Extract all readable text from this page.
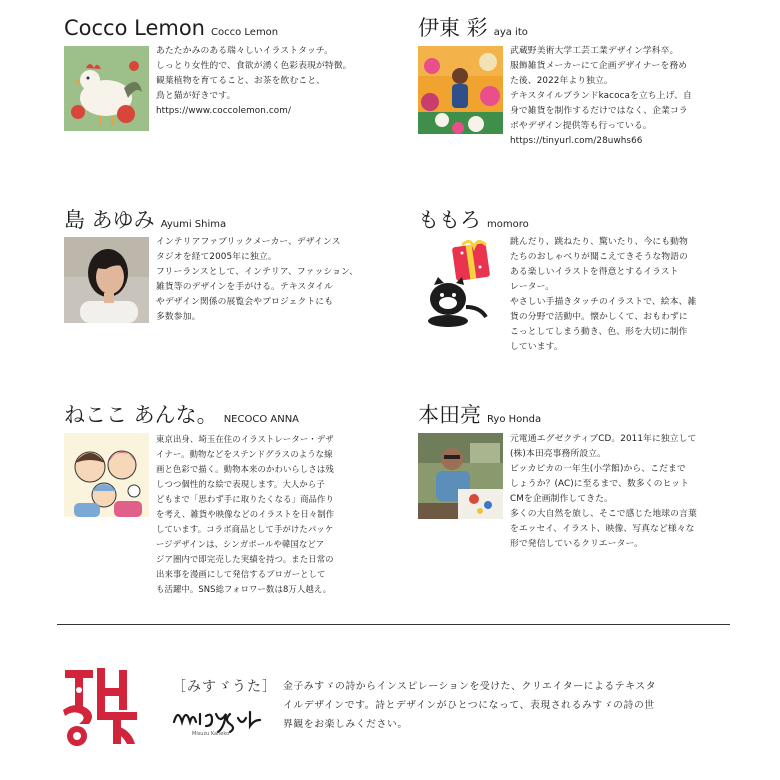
Cocco Lemon Cocco Lemon
あたたかみのある瑞々しいイラストタッチ。
しっとり女性的で、食欲が湧く色彩表現が特徴。
観葉植物を育てること、お茶を飲むこと、
鳥と猫が好きです。
https://www.coccolemon.com/
伊東 彩 aya ito
武蔵野美術大学工芸工業デザイン学科卒。
服飾雑貨メーカーにて企画デザイナーを務め
た後、2022年より独立。
テキスタイルブランドkacocaを立ち上げ、自
身で雑貨を制作するだけではなく、企業コラ
ボやデザイン提供等も行っている。
https://tinyurl.com/28uwhs66
島 あゆみ Ayumi Shima
インテリアファブリックメーカー、デザインス
タジオを経て2005年に独立。
フリーランスとして、インテリア、ファッション、
雑貨等のデザインを手がける。テキスタイル
やデザイン関係の展覧会やプロジェクトにも
多数参加。
ももろ momoro
跳んだり、跳ねたり、驚いたり、今にも動物
たちのおしゃべりが聞こえてきそうな物語の
ある楽しいイラストを得意とするイラスト
レーター。
やさしい手描きタッチのイラストで、絵本、雑
貨の分野で活動中。懐かしくて、おもわずに
こっとしてしまう動き、色、形を大切に制作
しています。
ねここ あんな。 NECOCO ANNA
東京出身、埼玉在住のイラストレーター・デザ
イナー。動物などをステンドグラスのような線
画と色彩で描く。動物本来のかわいらしさは残
しつつ個性的な絵で表現します。大人から子
どもまで「思わず手に取りたくなる」商品作り
を考え、雑貨や映像などのイラストを日々制作
しています。コラボ商品として手がけたパッケ
ージデザインは、シンガポールや韓国などア
ジア圏内で即完売した実績を持つ。また日常の
出来事を漫画にして発信するブロガーとして
も活躍中。SNS総フォロワー数は8万人越え。
本田亮 Ryo Honda
元電通エグゼクティブCD。2011年に独立して
(株)本田亮事務所設立。
ピッカピカの一年生(小学館)から、こだまで
しょうか？(AC)に至るまで、数多くのヒット
CMを企画制作してきた。
多くの大自然を旅し、そこで感じた地球の言葉
をエッセイ、イラスト、映像、写真など様々な
形で発信しているクリエーター。
［みすゞうた］
Misuzu Kaneko
金子みすゞの詩からインスピレーションを受けた、クリエイターによるテキスタ
イルデザインです。詩とデザインがひとつになって、表現されるみすゞの詩の世
界観をお楽しみください。
